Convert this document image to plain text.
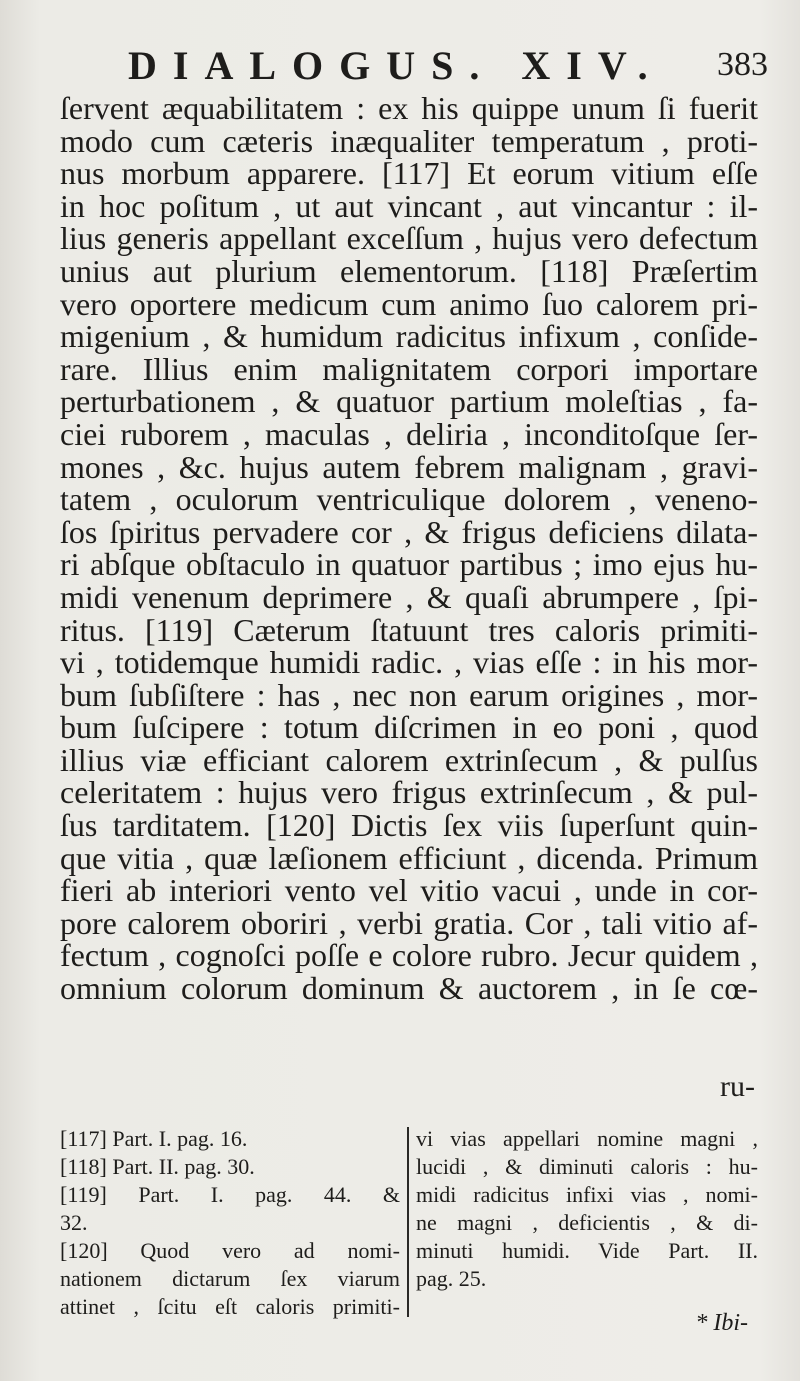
DIALOGUS. XIV. 383
ſervent æquabilitatem : ex his quippe unum ſi fuerit
modo cum cæteris inæqualiter temperatum , proti-
nus morbum apparere. [117] Et eorum vitium eſſe
in hoc poſitum , ut aut vincant , aut vincantur : il-
lius generis appellant exceſſum , hujus vero defectum
unius aut plurium elementorum. [118] Præſertim
vero oportere medicum cum animo ſuo calorem pri-
migenium , & humidum radicitus infixum , conſide-
rare. Illius enim malignitatem corpori importare
perturbationem , & quatuor partium moleſtias , fa-
ciei ruborem , maculas , deliria , inconditoſque ſer-
mones , &c. hujus autem febrem malignam , gravi-
tatem , oculorum ventriculique dolorem , veneno-
ſos ſpiritus pervadere cor , & frigus deficiens dilata-
ri abſque obſtaculo in quatuor partibus ; imo ejus hu-
midi venenum deprimere , & quaſi abrumpere , ſpi-
ritus. [119] Cæterum ſtatuunt tres caloris primiti-
vi , totidemque humidi radic. , vias eſſe : in his mor-
bum ſubſiſtere : has , nec non earum origines , mor-
bum ſuſcipere : totum diſcrimen in eo poni , quod
illius viæ efficiant calorem extrinſecum , & pulſus
celeritatem : hujus vero frigus extrinſecum , & pul-
ſus tarditatem. [120] Dictis ſex viis ſuperſunt quin-
que vitia , quæ læſionem efficiunt , dicenda. Primum
fieri ab interiori vento vel vitio vacui , unde in cor-
pore calorem oboriri , verbi gratia. Cor , tali vitio af-
fectum , cognoſci poſſe e colore rubro. Jecur quidem ,
omnium colorum dominum & auctorem , in ſe cœ-
ru-
[117] Part. I. pag. 16.
[118] Part. II. pag. 30.
[119] Part. I. pag. 44. &
32.
[120] Quod vero ad nomi-
nationem dictarum ſex viarum
attinet , ſcitu eſt caloris primiti-
vi vias appellari nomine magni ,
lucidi , & diminuti caloris : hu-
midi radicitus infixi vias , nomi-
ne magni , deficientis , & di-
minuti humidi. Vide Part. II.
pag. 25.
* Ibi-
